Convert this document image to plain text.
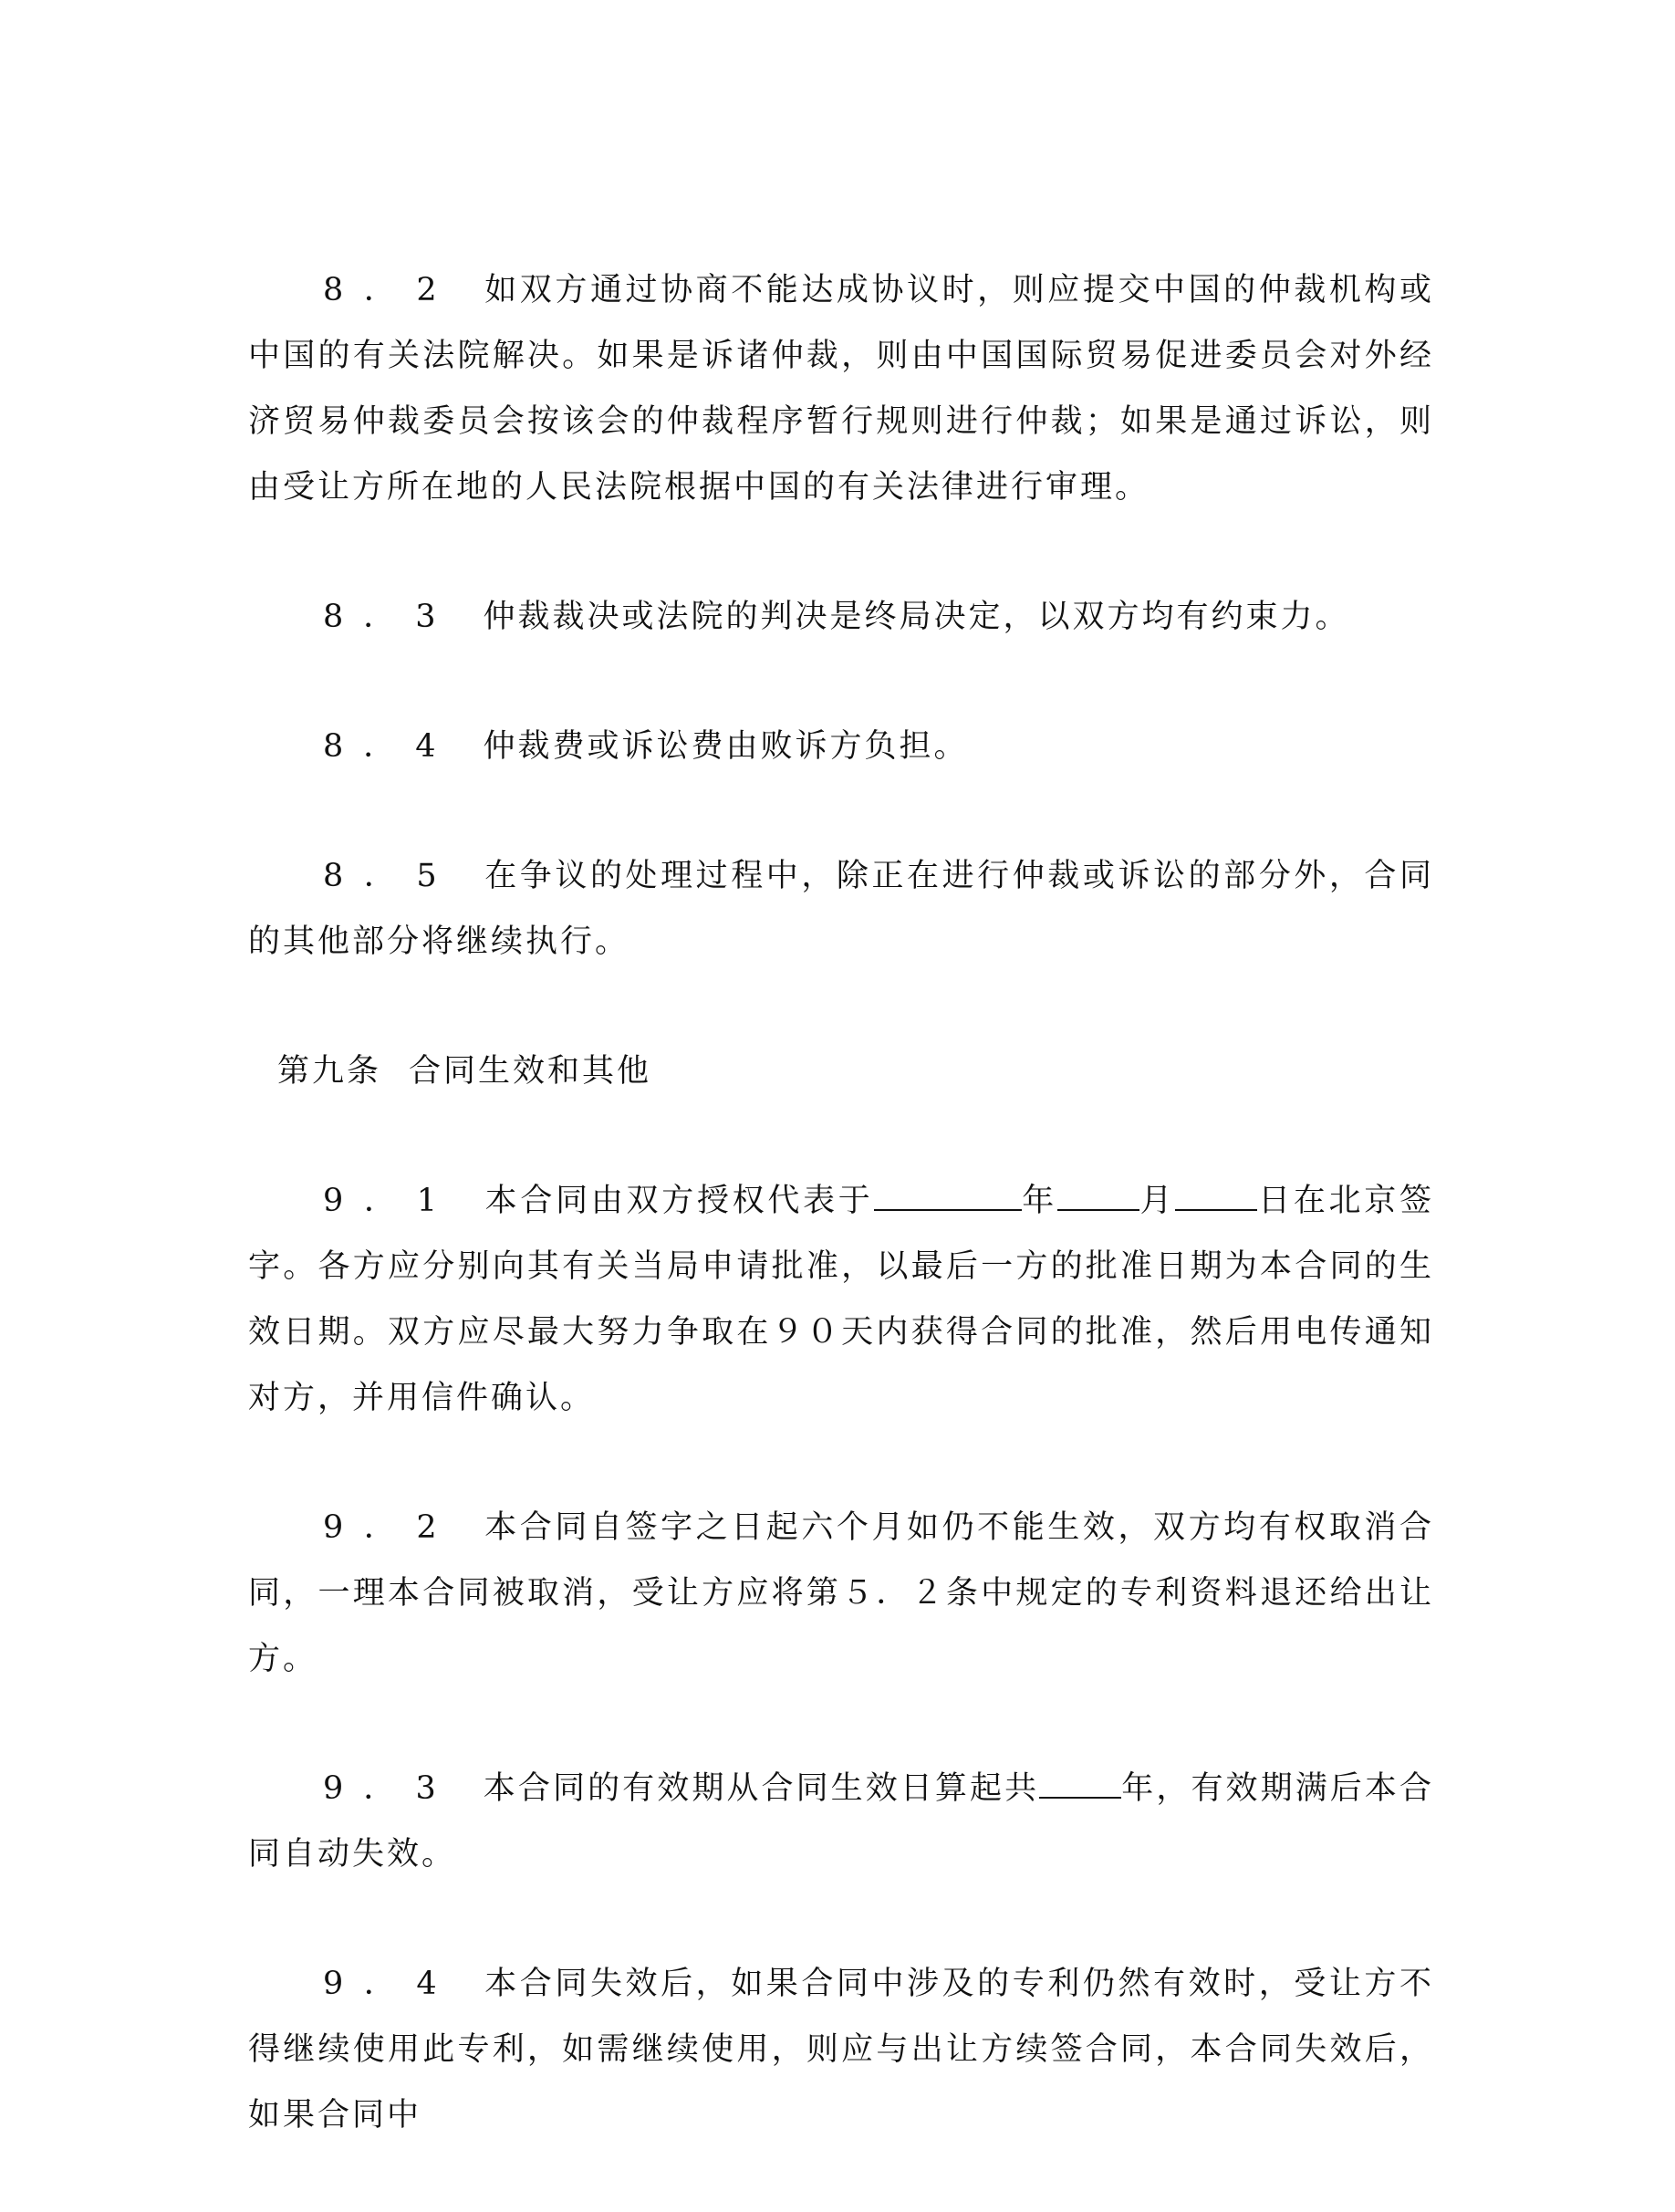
8．2 如双方通过协商不能达成协议时，则应提交中国的仲裁机构或中国的有关法院解决。如果是诉诸仲裁，则由中国国际贸易促进委员会对外经济贸易仲裁委员会按该会的仲裁程序暂行规则进行仲裁；如果是通过诉讼，则由受让方所在地的人民法院根据中国的有关法律进行审理。

8．3 仲裁裁决或法院的判决是终局决定，以双方均有约束力。

8．4 仲裁费或诉讼费由败诉方负担。

8．5 在争议的处理过程中，除正在进行仲裁或诉讼的部分外，合同的其他部分将继续执行。

第九条 合同生效和其他

9．1 本合同由双方授权代表于	年	月	日在北京签字。各方应分别向其有关当局申请批准，以最后一方的批准日期为本合同的生效日期。双方应尽最大努力争取在９０天内获得合同的批准，然后用电传通知对方，并用信件确认。

9．2 本合同自签字之日起六个月如仍不能生效，双方均有权取消合同，一理本合同被取消，受让方应将第５．２条中规定的专利资料退还给出让方。

9．3 本合同的有效期从合同生效日算起共	年，有效期满后本合同自动失效。

9．4 本合同失效后，如果合同中涉及的专利仍然有效时，受让方不得继续使用此专利，如需继续使用，则应与出让方续签合同，本合同失效后，如果合同中
